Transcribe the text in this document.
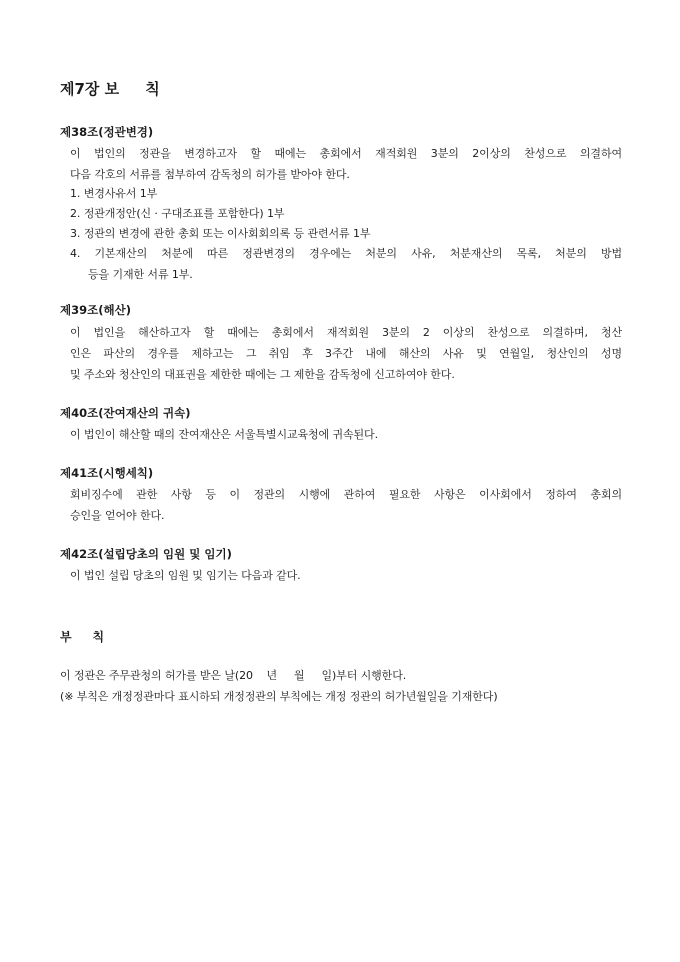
제7장 보     칙
제38조(정관변경)
이 법인의 정관을 변경하고자 할 때에는 총회에서 재적회원 3분의 2이상의 찬성으로 의결하여
다음 각호의 서류를 첨부하여 감독청의 허가를 받아야 한다.
1. 변경사유서 1부
2. 정관개정안(신 · 구대조표를 포함한다) 1부
3. 정관의 변경에 관한 총회 또는 이사회회의록 등 관련서류 1부
4. 기본재산의 처분에 따른 정관변경의 경우에는 처분의 사유, 처분재산의 목록, 처분의 방법
등을 기재한 서류 1부.
제39조(해산)
이 법인을 해산하고자 할 때에는 총회에서 재적회원 3분의 2 이상의 찬성으로 의결하며, 청산
인은 파산의 경우를 제하고는 그 취임 후 3주간 내에 해산의 사유 및 연월일, 청산인의 성명
및 주소와 청산인의 대표권을 제한한 때에는 그 제한을 감독청에 신고하여야 한다.
제40조(잔여재산의 귀속)
이 법인이 해산할 때의 잔여재산은 서울특별시교육청에 귀속된다.
제41조(시행세칙)
회비징수에 관한 사항 등 이 정관의 시행에 관하여 필요한 사항은 이사회에서 정하여 총회의
승인을 얻어야 한다.
제42조(설립당초의 임원 및 임기)
이 법인 설립 당초의 임원 및 임기는 다음과 같다.
부     칙
이 정관은 주무관청의 허가를 받은 날(20    년     월     일)부터 시행한다.
(※ 부칙은 개정정관마다 표시하되 개정정관의 부칙에는 개정 정관의 허가년월일을 기재한다)
